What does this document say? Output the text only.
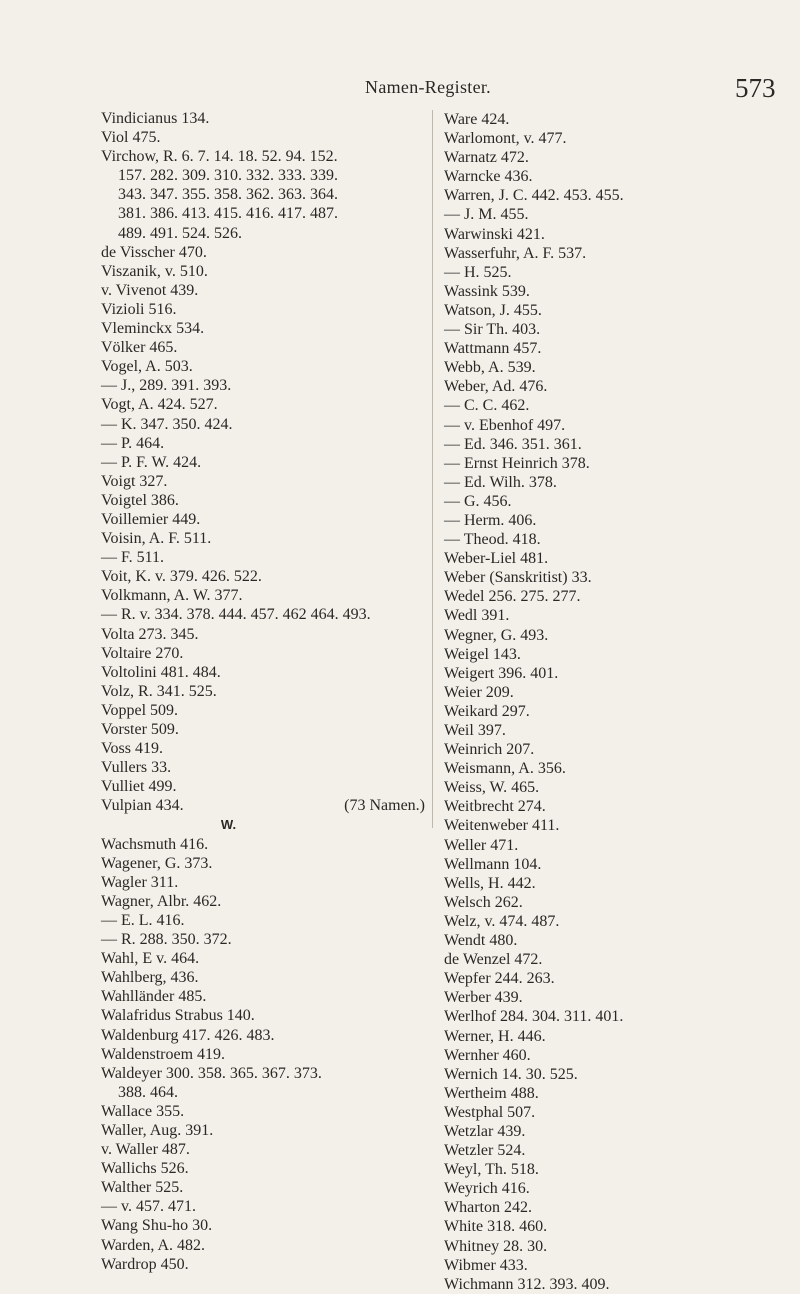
Namen-Register.	573
Vindicianus 134.
Viol 475.
Virchow, R. 6. 7. 14. 18. 52. 94. 152.
157. 282. 309. 310. 332. 333. 339.
343. 347. 355. 358. 362. 363. 364.
381. 386. 413. 415. 416. 417. 487.
489. 491. 524. 526.
de Visscher 470.
Viszanik, v. 510.
v. Vivenot 439.
Vizioli 516.
Vleminckx 534.
Völker 465.
Vogel, A. 503.
— J., 289. 391. 393.
Vogt, A. 424. 527.
— K. 347. 350. 424.
— P. 464.
— P. F. W. 424.
Voigt 327.
Voigtel 386.
Voillemier 449.
Voisin, A. F. 511.
— F. 511.
Voit, K. v. 379. 426. 522.
Volkmann, A. W. 377.
— R. v. 334. 378. 444. 457. 462 464. 493.
Volta 273. 345.
Voltaire 270.
Voltolini 481. 484.
Volz, R. 341. 525.
Voppel 509.
Vorster 509.
Voss 419.
Vullers 33.
Vulliet 499.
Vulpian 434.	(73 Namen.)
W.
Wachsmuth 416.
Wagener, G. 373.
Wagler 311.
Wagner, Albr. 462.
— E. L. 416.
— R. 288. 350. 372.
Wahl, E v. 464.
Wahlberg, 436.
Wahlländer 485.
Walafridus Strabus 140.
Waldenburg 417. 426. 483.
Waldenstroem 419.
Waldeyer 300. 358. 365. 367. 373.
388. 464.
Wallace 355.
Waller, Aug. 391.
v. Waller 487.
Wallichs 526.
Walther 525.
— v. 457. 471.
Wang Shu-ho 30.
Warden, A. 482.
Wardrop 450.
Ware 424.
Warlomont, v. 477.
Warnatz 472.
Warncke 436.
Warren, J. C. 442. 453. 455.
— J. M. 455.
Warwinski 421.
Wasserfuhr, A. F. 537.
— H. 525.
Wassink 539.
Watson, J. 455.
— Sir Th. 403.
Wattmann 457.
Webb, A. 539.
Weber, Ad. 476.
— C. C. 462.
— v. Ebenhof 497.
— Ed. 346. 351. 361.
— Ernst Heinrich 378.
— Ed. Wilh. 378.
— G. 456.
— Herm. 406.
— Theod. 418.
Weber-Liel 481.
Weber (Sanskritist) 33.
Wedel 256. 275. 277.
Wedl 391.
Wegner, G. 493.
Weigel 143.
Weigert 396. 401.
Weier 209.
Weikard 297.
Weil 397.
Weinrich 207.
Weismann, A. 356.
Weiss, W. 465.
Weitbrecht 274.
Weitenweber 411.
Weller 471.
Wellmann 104.
Wells, H. 442.
Welsch 262.
Welz, v. 474. 487.
Wendt 480.
de Wenzel 472.
Wepfer 244. 263.
Werber 439.
Werlhof 284. 304. 311. 401.
Werner, H. 446.
Wernher 460.
Wernich 14. 30. 525.
Wertheim 488.
Westphal 507.
Wetzlar 439.
Wetzler 524.
Weyl, Th. 518.
Weyrich 416.
Wharton 242.
White 318. 460.
Whitney 28. 30.
Wibmer 433.
Wichmann 312. 393. 409.
